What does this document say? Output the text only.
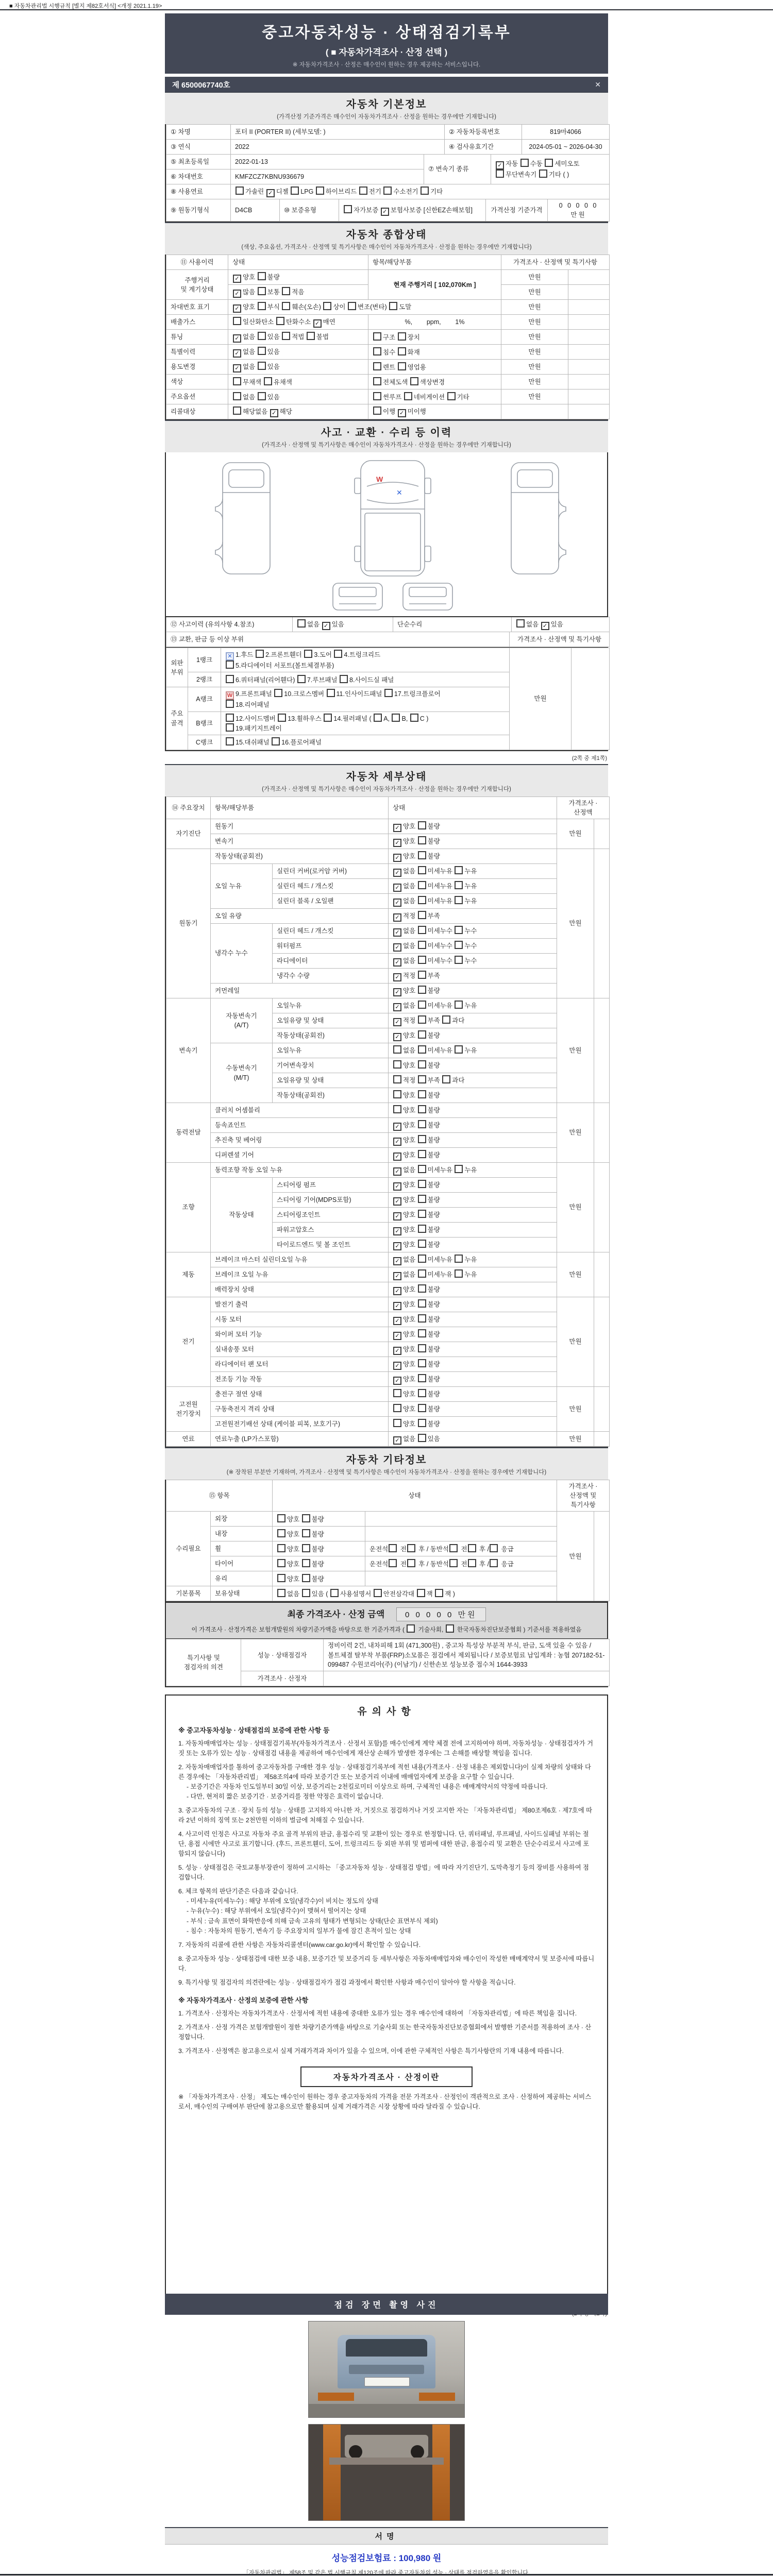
■ 자동차관리법 시행규칙 [별지 제82호서식] <개정 2021.1.19>
중고자동차성능 · 상태점검기록부
( ■ 자동차가격조사 · 산정 선택 )
※ 자동차가격조사 · 산정은 매수인이 원하는 경우 제공하는 서비스입니다.
제 6500067740호	✕
자동차 기본정보
(가격산정 기준가격은 매수인이 자동차가격조사 · 산정을 원하는 경우에만 기재합니다)
① 차명	포터 II (PORTER II) (세부모델: )	② 자동차등록번호	819마4066
③ 연식	2022	④ 검사유효기간	2024-05-01 ~ 2026-04-30
⑤ 최초등록일	2022-01-13	⑦ 변속기 종류	✓ 자동 수동 세미오토
무단변속기 기타 ( )
⑥ 차대번호	KMFZCZ7KBNU936679		
⑧ 사용연료	가솔린 ✓ 디젤 LPG 하이브리드 전기 수소전기 기타
⑨ 원동기형식	D4CB	⑩ 보증유형	자가보증 ✓ 보험사보증 [신한EZ손해보험]	가격산정 기준가격	0 0 0 0 0 만원
자동차 종합상태
(색상, 주요옵션, 가격조사 · 산정액 및 특기사항은 매수인이 자동차가격조사 · 산정을 원하는 경우에만 기재합니다)
⑪ 사용이력	상태	항목/해당부품	가격조사 · 산정액 및 특기사항	
주행거리
및 계기상태	✓ 양호 불량	현재 주행거리 [ 102,070Km ]	만원	
	✓ 많음 보통 적음		만원	
차대번호 표기	✓ 양호 부식 훼손(오손) 상이 변조(변타) 도말		만원	
배출가스	일산화탄소 탄화수소 ✓ 매연	%,        ppm,        1%	만원	
튜닝	✓ 없음 있음 적법 불법	구조 장치	만원	
특별이력	✓ 없음 있음	침수 화재	만원	
용도변경	✓ 없음 있음	렌트 영업용	만원	
색상	무채색 유채색	전체도색 색상변경	만원	
주요옵션	없음 있음	썬루프 네비게이션 기타	만원	
리콜대상	해당없음 ✓ 해당	이행 ✓ 미이행		
사고 · 교환 · 수리 등 이력
(가격조사 · 산정액 및 특기사항은 매수인이 자동차가격조사 · 산정을 원하는 경우에만 기재합니다)
✕
W
⑫ 사고이력 (유의사항 4.참조)	없음 ✓ 있음	단순수리	없음 ✓ 있음
⑬ 교환, 판금 등 이상 부위	가격조사 · 산정액 및 특기사항
외판
부위	1랭크	✕ 1.후드 2.프론트휀더 3.도어 4.트렁크리드
5.라디에이터 서포트(볼트체결부품)	만원	
	2랭크	6.쿼터패널(리어휀다) 7.루브패널 8.사이드실 패널		
주요
골격	A랭크	W 9.프론트패널 10.크로스멤버 11.인사이드패널 17.트렁크플로어
18.리어패널		
	B랭크	12.사이드멤버 13.휠하우스 14.필러패널 ( A, B, C )
19.패키지트레이		
	C랭크	15.대쉬패널 16.플로어패널		
(2쪽 중 제1쪽)
자동차 세부상태
(가격조사 · 산정액 및 특기사항은 매수인이 자동차가격조사 · 산정을 원하는 경우에만 기재합니다)
⑭ 주요장치	항목/해당부품		상태	가격조사 · 산정액	
자기진단	원동기		✓ 양호 불량	만원	
	변속기		✓ 양호 불량		
원동기	작동상태(공회전)		✓ 양호 불량	만원	
	오일 누유	실린더 커버(로커암 커버)	✓ 없음 미세누유 누유		
		실린더 헤드 / 개스킷	✓ 없음 미세누유 누유		
		실린더 블록 / 오일팬	✓ 없음 미세누유 누유		
	오일 유량		✓ 적정 부족		
	냉각수 누수	실린더 헤드 / 개스킷	✓ 없음 미세누수 누수		
		워터펌프	✓ 없음 미세누수 누수		
		라디에이터	✓ 없음 미세누수 누수		
		냉각수 수량	✓ 적정 부족		
	커먼레일		✓ 양호 불량		
변속기	자동변속기
(A/T)	오일누유	✓ 없음 미세누유 누유	만원	
		오일유량 및 상태	✓ 적정 부족 과다		
		작동상태(공회전)	✓ 양호 불량		
	수동변속기
(M/T)	오일누유	없음 미세누유 누유		
		기어변속장치	양호 불량		
		오일유량 및 상태	적정 부족 과다		
		작동상태(공회전)	양호 불량		
동력전달	클러치 어셈블리		양호 불량	만원	
	등속죠인트		✓ 양호 불량		
	추진축 및 베어링		✓ 양호 불량		
	디퍼렌셜 기어		✓ 양호 불량		
조향	동력조향 작동 오일 누유		✓ 없음 미세누유 누유	만원	
	작동상태	스티어링 펌프	✓ 양호 불량		
		스티어링 기어(MDPS포함)	✓ 양호 불량		
		스티어링조인트	✓ 양호 불량		
		파워고압호스	✓ 양호 불량		
		타이로드엔드 및 볼 조인트	✓ 양호 불량		
제동	브레이크 마스터 실린더오일 누유		✓ 없음 미세누유 누유	만원	
	브레이크 오일 누유		✓ 없음 미세누유 누유		
	배력장치 상태		✓ 양호 불량		
전기	발전기 출력		✓ 양호 불량	만원	
	시동 모터		✓ 양호 불량		
	와이퍼 모터 기능		✓ 양호 불량		
	실내송풍 모터		✓ 양호 불량		
	라디에이터 팬 모터		✓ 양호 불량		
	전조등 기능 작동		✓ 양호 불량		
고전원
전기장치	충전구 절연 상태		양호 불량	만원	
	구동축전지 격리 상태		양호 불량		
	고전원전기배선 상태 (케이블 피복, 보호기구)		양호 불량		
연료	연료누출 (LP가스포함)		✓ 없음 있음	만원	
자동차 기타정보
(※ 장착된 부분만 기재하며, 가격조사 · 산정액 및 특기사항은 매수인이 자동차가격조사 · 산정을 원하는 경우에만 기재합니다)
⑮ 항목		상태		가격조사 · 산정액 및 특기사항	
수리필요	외장	양호 불량		만원	
	내장	양호 불량			
	휠	양호 불량	운전석 전 후 / 동반석 전 후 / 응급		
	타이어	양호 불량	운전석 전 후 / 동반석 전 후 / 응급		
	유리	양호 불량			
기본품목	보유상태	없음 있음 ( 사용설명서 안전삼각대 잭 잭 )			
최종 가격조사 · 산정 금액	0 0 0 0 0 만원
이 가격조사 · 산정가격은 보험개발원의 차량기준가액을 바탕으로 한 기준가격과 (  기술사회,  한국자동차진단보증협회 ) 기준서를 적용하였음
특기사항 및
점검자의 의견	성능 · 상태점검자	정비이력 2건, 내차피해 1회 (471,300원) , 중고차 특성상 부분적 부식, 판금, 도색 있을 수 있음 / 볼트체결 탈부착 부품(FRP)소모품은 점검에서 제외됩니다 / 보증보험료 납입계좌 : 농협 207182-51-099487 수원코리아(주) (이남기) / 신한손보 성능보증 접수처 1644-3933
	가격조사 · 산정자	
유의사항
※ 중고자동차성능 · 상태점검의 보증에 관한 사항 등
1. 자동차매매업자는 성능 · 상태점검기록부(자동차가격조사 · 산정서 포함)를 매수인에게 계약 체결 전에 고지하여야 하며, 자동차성능 · 상태점검자가 거짓 또는 오류가 있는 성능 · 상태점검 내용을 제공하여 매수인에게 재산상 손해가 발생한 경우에는 그 손해를 배상할 책임을 집니다.
2. 자동차매매업자를 통하여 중고자동차를 구매한 경우 성능 · 상태점검기록부에 적힌 내용(가격조사 · 산정 내용은 제외합니다)이 실제 차량의 상태와 다른 경우에는 「자동차관리법」 제58조의4에 따라 보증기간 또는 보증거리 이내에 매매업자에게 보증을 요구할 수 있습니다.
- 보증기간은 자동차 인도일부터 30일 이상, 보증거리는 2천킬로미터 이상으로 하며, 구체적인 내용은 매매계약서의 약정에 따릅니다.
- 다만, 현저히 짧은 보증기간 · 보증거리를 정한 약정은 효력이 없습니다.
3. 중고자동차의 구조 · 장치 등의 성능 · 상태를 고지하지 아니한 자, 거짓으로 점검하거나 거짓 고지한 자는 「자동차관리법」 제80조제6호 · 제7호에 따라 2년 이하의 징역 또는 2천만원 이하의 벌금에 처해질 수 있습니다.
4. 사고이력 인정은 사고로 자동차 주요 골격 부위의 판금, 용접수리 및 교환이 있는 경우로 한정합니다. 단, 쿼터패널, 루프패널, 사이드실패널 부위는 절단, 용접 시에만 사고로 표기합니다. (후드, 프론트휀더, 도어, 트렁크리드 등 외판 부위 및 범퍼에 대한 판금, 용접수리 및 교환은 단순수리로서 사고에 포함되지 않습니다)
5. 성능 · 상태점검은 국토교통부장관이 정하여 고시하는 「중고자동차 성능 · 상태점검 방법」에 따라 자기진단기, 도막측정기 등의 장비를 사용하여 점검합니다.
6. 체크 항목의 판단기준은 다음과 같습니다.
- 미세누유(미세누수) : 해당 부위에 오일(냉각수)이 비치는 정도의 상태
- 누유(누수) : 해당 부위에서 오일(냉각수)이 맺혀서 떨어지는 상태
- 부식 : 금속 표면이 화학반응에 의해 금속 고유의 형태가 변형되는 상태(단순 표면부식 제외)
- 침수 : 자동차의 원동기, 변속기 등 주요장치의 일부가 물에 잠긴 흔적이 있는 상태
7. 자동차의 리콜에 관한 사항은 자동차리콜센터(www.car.go.kr)에서 확인할 수 있습니다.
8. 중고자동차 성능 · 상태점검에 대한 보증 내용, 보증기간 및 보증거리 등 세부사항은 자동차매매업자와 매수인이 작성한 매매계약서 및 보증서에 따릅니다.
9. 특기사항 및 점검자의 의견란에는 성능 · 상태점검자가 점검 과정에서 확인한 사항과 매수인이 알아야 할 사항을 적습니다.
※ 자동차가격조사 · 산정의 보증에 관한 사항
1. 가격조사 · 산정자는 자동차가격조사 · 산정서에 적힌 내용에 중대한 오류가 있는 경우 매수인에 대하여 「자동차관리법」에 따른 책임을 집니다.
2. 가격조사 · 산정 가격은 보험개발원이 정한 차량기준가액을 바탕으로 기술사회 또는 한국자동차진단보증협회에서 발행한 기준서를 적용하여 조사 · 산정합니다.
3. 가격조사 · 산정액은 참고용으로서 실제 거래가격과 차이가 있을 수 있으며, 이에 관한 구체적인 사항은 특기사항란의 기재 내용에 따릅니다.
자동차가격조사 · 산정이란
※ 「자동차가격조사 · 산정」 제도는 매수인이 원하는 경우 중고자동차의 가격을 전문 가격조사 · 산정인이 객관적으로 조사 · 산정하여 제공하는 서비스로서, 매수인의 구매여부 판단에 참고용으로만 활용되며 실제 거래가격은 시장 상황에 따라 달라질 수 있습니다.
점검 장면 촬영 사진
서명
성능점검보험료 : 100,980 원
「자동차관리법」 제58조 및 같은 법 시행규칙 제120조에 따라 중고자동차의 성능 · 상태를 점검하였음을 확인합니다.
